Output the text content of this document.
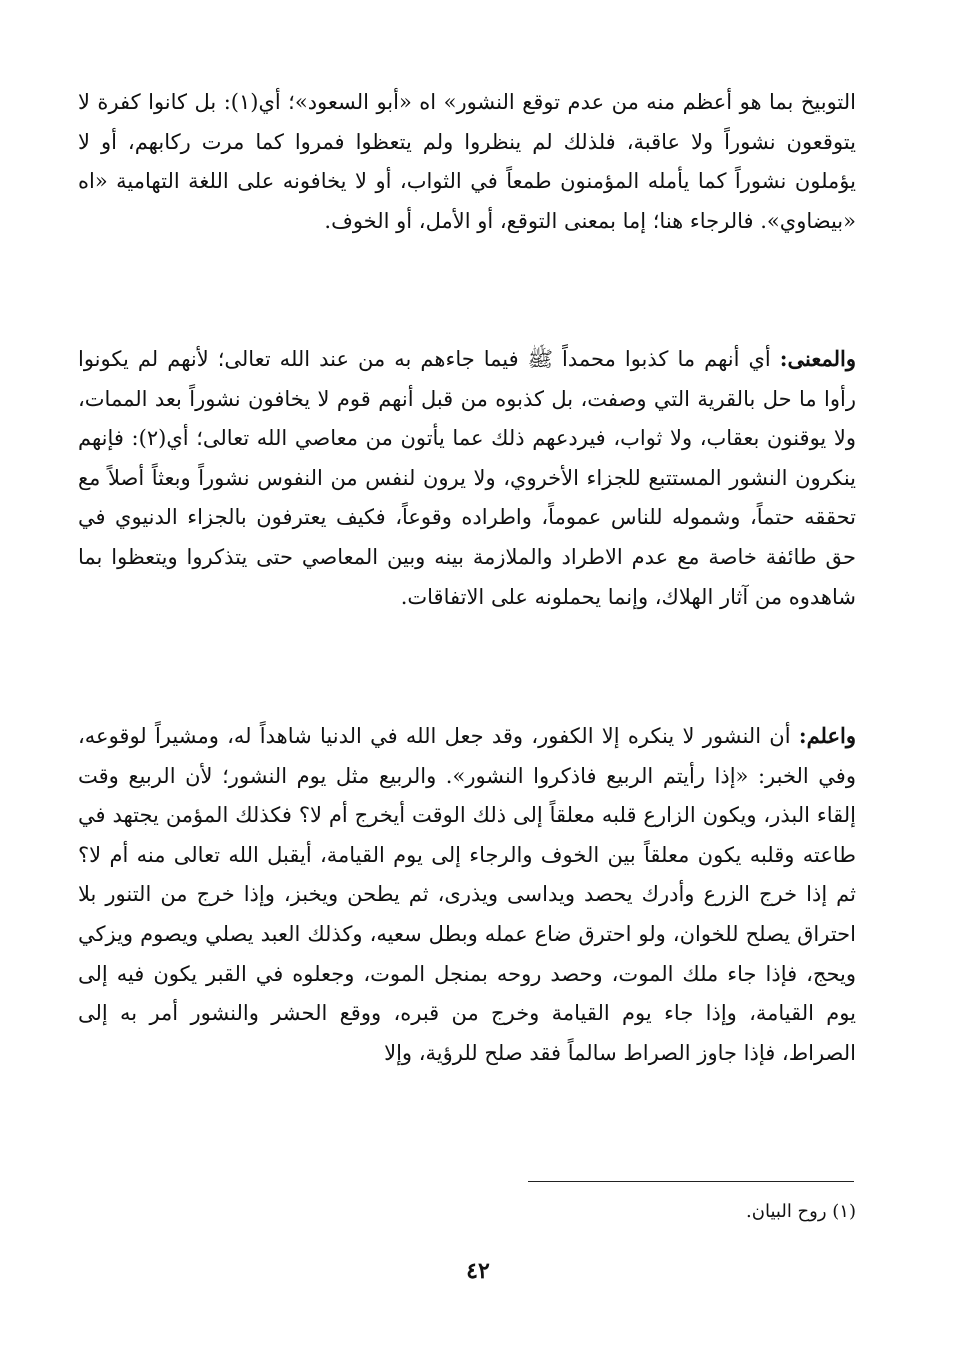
التوبيخ بما هو أعظم منه من عدم توقع النشور» اه «أبو السعود»؛ أي(١): بل كانوا كفرة لا يتوقعون نشوراً ولا عاقبة، فلذلك لم ينظروا ولم يتعظوا فمروا كما مرت ركابهم، أو لا يؤملون نشوراً كما يأمله المؤمنون طمعاً في الثواب، أو لا يخافونه على اللغة التهامية «اه «بيضاوي». فالرجاء هنا؛ إما بمعنى التوقع، أو الأمل، أو الخوف.

والمعنى: أي أنهم ما كذبوا محمداً ﷺ فيما جاءهم به من عند الله تعالى؛ لأنهم لم يكونوا رأوا ما حل بالقرية التي وصفت، بل كذبوه من قبل أنهم قوم لا يخافون نشوراً بعد الممات، ولا يوقنون بعقاب، ولا ثواب، فيردعهم ذلك عما يأتون من معاصي الله تعالى؛ أي(٢): فإنهم ينكرون النشور المستتبع للجزاء الأخروي، ولا يرون لنفس من النفوس نشوراً وبعثاً أصلاً مع تحققه حتماً، وشموله للناس عموماً، واطراده وقوعاً، فكيف يعترفون بالجزاء الدنيوي في حق طائفة خاصة مع عدم الاطراد والملازمة بينه وبين المعاصي حتى يتذكروا ويتعظوا بما شاهدوه من آثار الهلاك، وإنما يحملونه على الاتفاقات.

واعلم: أن النشور لا ينكره إلا الكفور، وقد جعل الله في الدنيا شاهداً له، ومشيراً لوقوعه، وفي الخبر: «إذا رأيتم الربيع فاذكروا النشور». والربيع مثل يوم النشور؛ لأن الربيع وقت إلقاء البذر، ويكون الزارع قلبه معلقاً إلى ذلك الوقت أيخرج أم لا؟ فكذلك المؤمن يجتهد في طاعته وقلبه يكون معلقاً بين الخوف والرجاء إلى يوم القيامة، أيقبل الله تعالى منه أم لا؟ ثم إذا خرج الزرع وأدرك يحصد ويداسى ويذرى، ثم يطحن ويخبز، وإذا خرج من التنور بلا احتراق يصلح للخوان، ولو احترق ضاع عمله وبطل سعيه، وكذلك العبد يصلي ويصوم ويزكي ويحج، فإذا جاء ملك الموت، وحصد روحه بمنجل الموت، وجعلوه في القبر يكون فيه إلى يوم القيامة، وإذا جاء يوم القيامة وخرج من قبره، ووقع الحشر والنشور أمر به إلى الصراط، فإذا جاوز الصراط سالماً فقد صلح للرؤية، وإلا

(١) روح البيان.
٤٢
